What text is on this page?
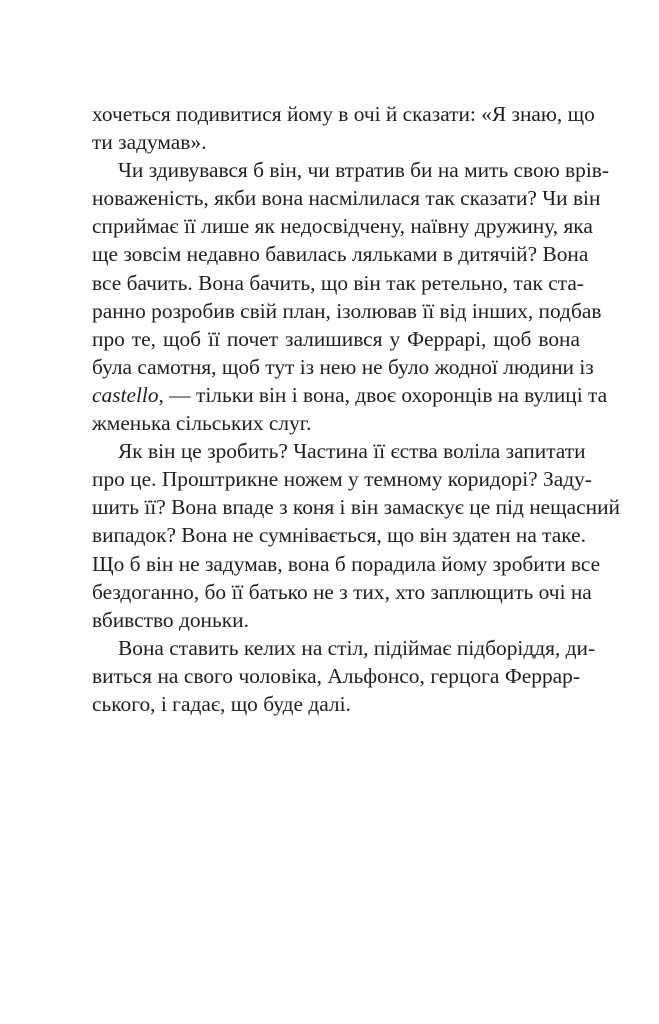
хочеться подивитися йому в очі й сказати: «Я знаю, що
ти задумав».
Чи здивувався б він, чи втратив би на мить свою врів-
новаженість, якби вона насмілилася так сказати? Чи він
сприймає її лише як недосвідчену, наївну дружину, яка
ще зовсім недавно бавилась ляльками в дитячій? Вона
все бачить. Вона бачить, що він так ретельно, так ста-
ранно розробив свій план, ізолював її від інших, подбав
про те, щоб її почет залишився у Феррарі, щоб вона
була самотня, щоб тут із нею не було жодної людини із
castello, — тільки він і вона, двоє охоронців на вулиці та
жменька сільських слуг.
Як він це зробить? Частина її єства воліла запитати
про це. Проштрикне ножем у темному коридорі? Заду-
шить її? Вона впаде з коня і він замаскує це під нещасний
випадок? Вона не сумнівається, що він здатен на таке.
Що б він не задумав, вона б порадила йому зробити все
бездоганно, бо її батько не з тих, хто заплющить очі на
вбивство доньки.
Вона ставить келих на стіл, підіймає підборіддя, ди-
виться на свого чоловіка, Альфонсо, герцога Феррар-
ського, і гадає, що буде далі.
